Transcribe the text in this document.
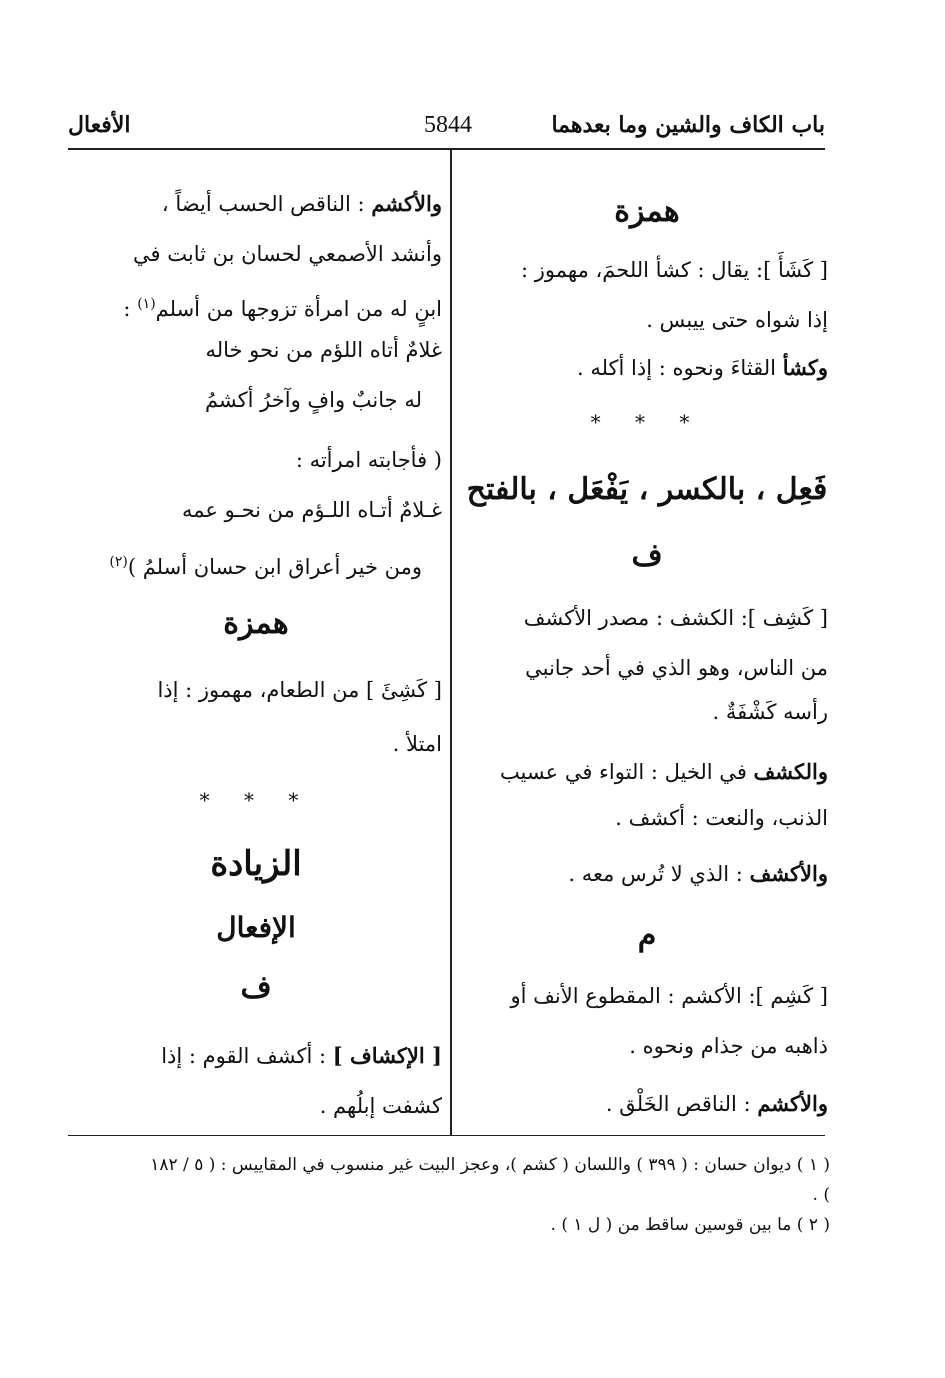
باب الكاف والشين وما بعدهما
5844
الأفعال
همزة
[ كَشَأَ ]: يقال : كشأ اللحمَ، مهموز :
إذا شواه حتى ييبس .
وكشأ القثاءَ ونحوه : إذا أكله .
* * *
فَعِل ، بالكسر ، يَفْعَل ، بالفتح
ف
[ كَشِف ]: الكشف : مصدر الأكشف
من الناس، وهو الذي في أحد جانبي
رأسه كَشْفَةٌ .
والكشف في الخيل : التواء في عسيب
الذنب، والنعت : أكشف .
والأكشف : الذي لا تُرس معه .
م
[ كَشِم ]: الأكشم : المقطوع الأنف أو
ذاهبه من جذام ونحوه .
والأكشم : الناقص الخَلْق .
والأكشم : الناقص الحسب أيضاً ،
وأنشد الأصمعي لحسان بن ثابت في
ابنٍ له من امرأة تزوجها من أسلم$^{(١)}$ :
غلامٌ أتاه اللؤم من نحو خاله
له جانبٌ وافٍ وآخرُ أكشمُ
( فأجابته امرأته :
غـلامٌ أتـاه اللـؤم من نحـو عمه
ومن خير أعراق ابن حسان أسلمُ )$^{(٢)}$
همزة
[ كَشِئَ ] من الطعام، مهموز : إذا
امتلأ .
* * *
الزيادة
الإفعال
ف
[ الإكشاف ] : أكشف القوم : إذا
كشفت إبلُهم .
( ١ ) ديوان حسان : ( ٣٩٩ ) واللسان ( كشم )، وعجز البيت غير منسوب في المقاييس : ( ٥ / ١٨٢ ) .
( ٢ ) ما بين قوسين ساقط من ( ل ١ ) .
